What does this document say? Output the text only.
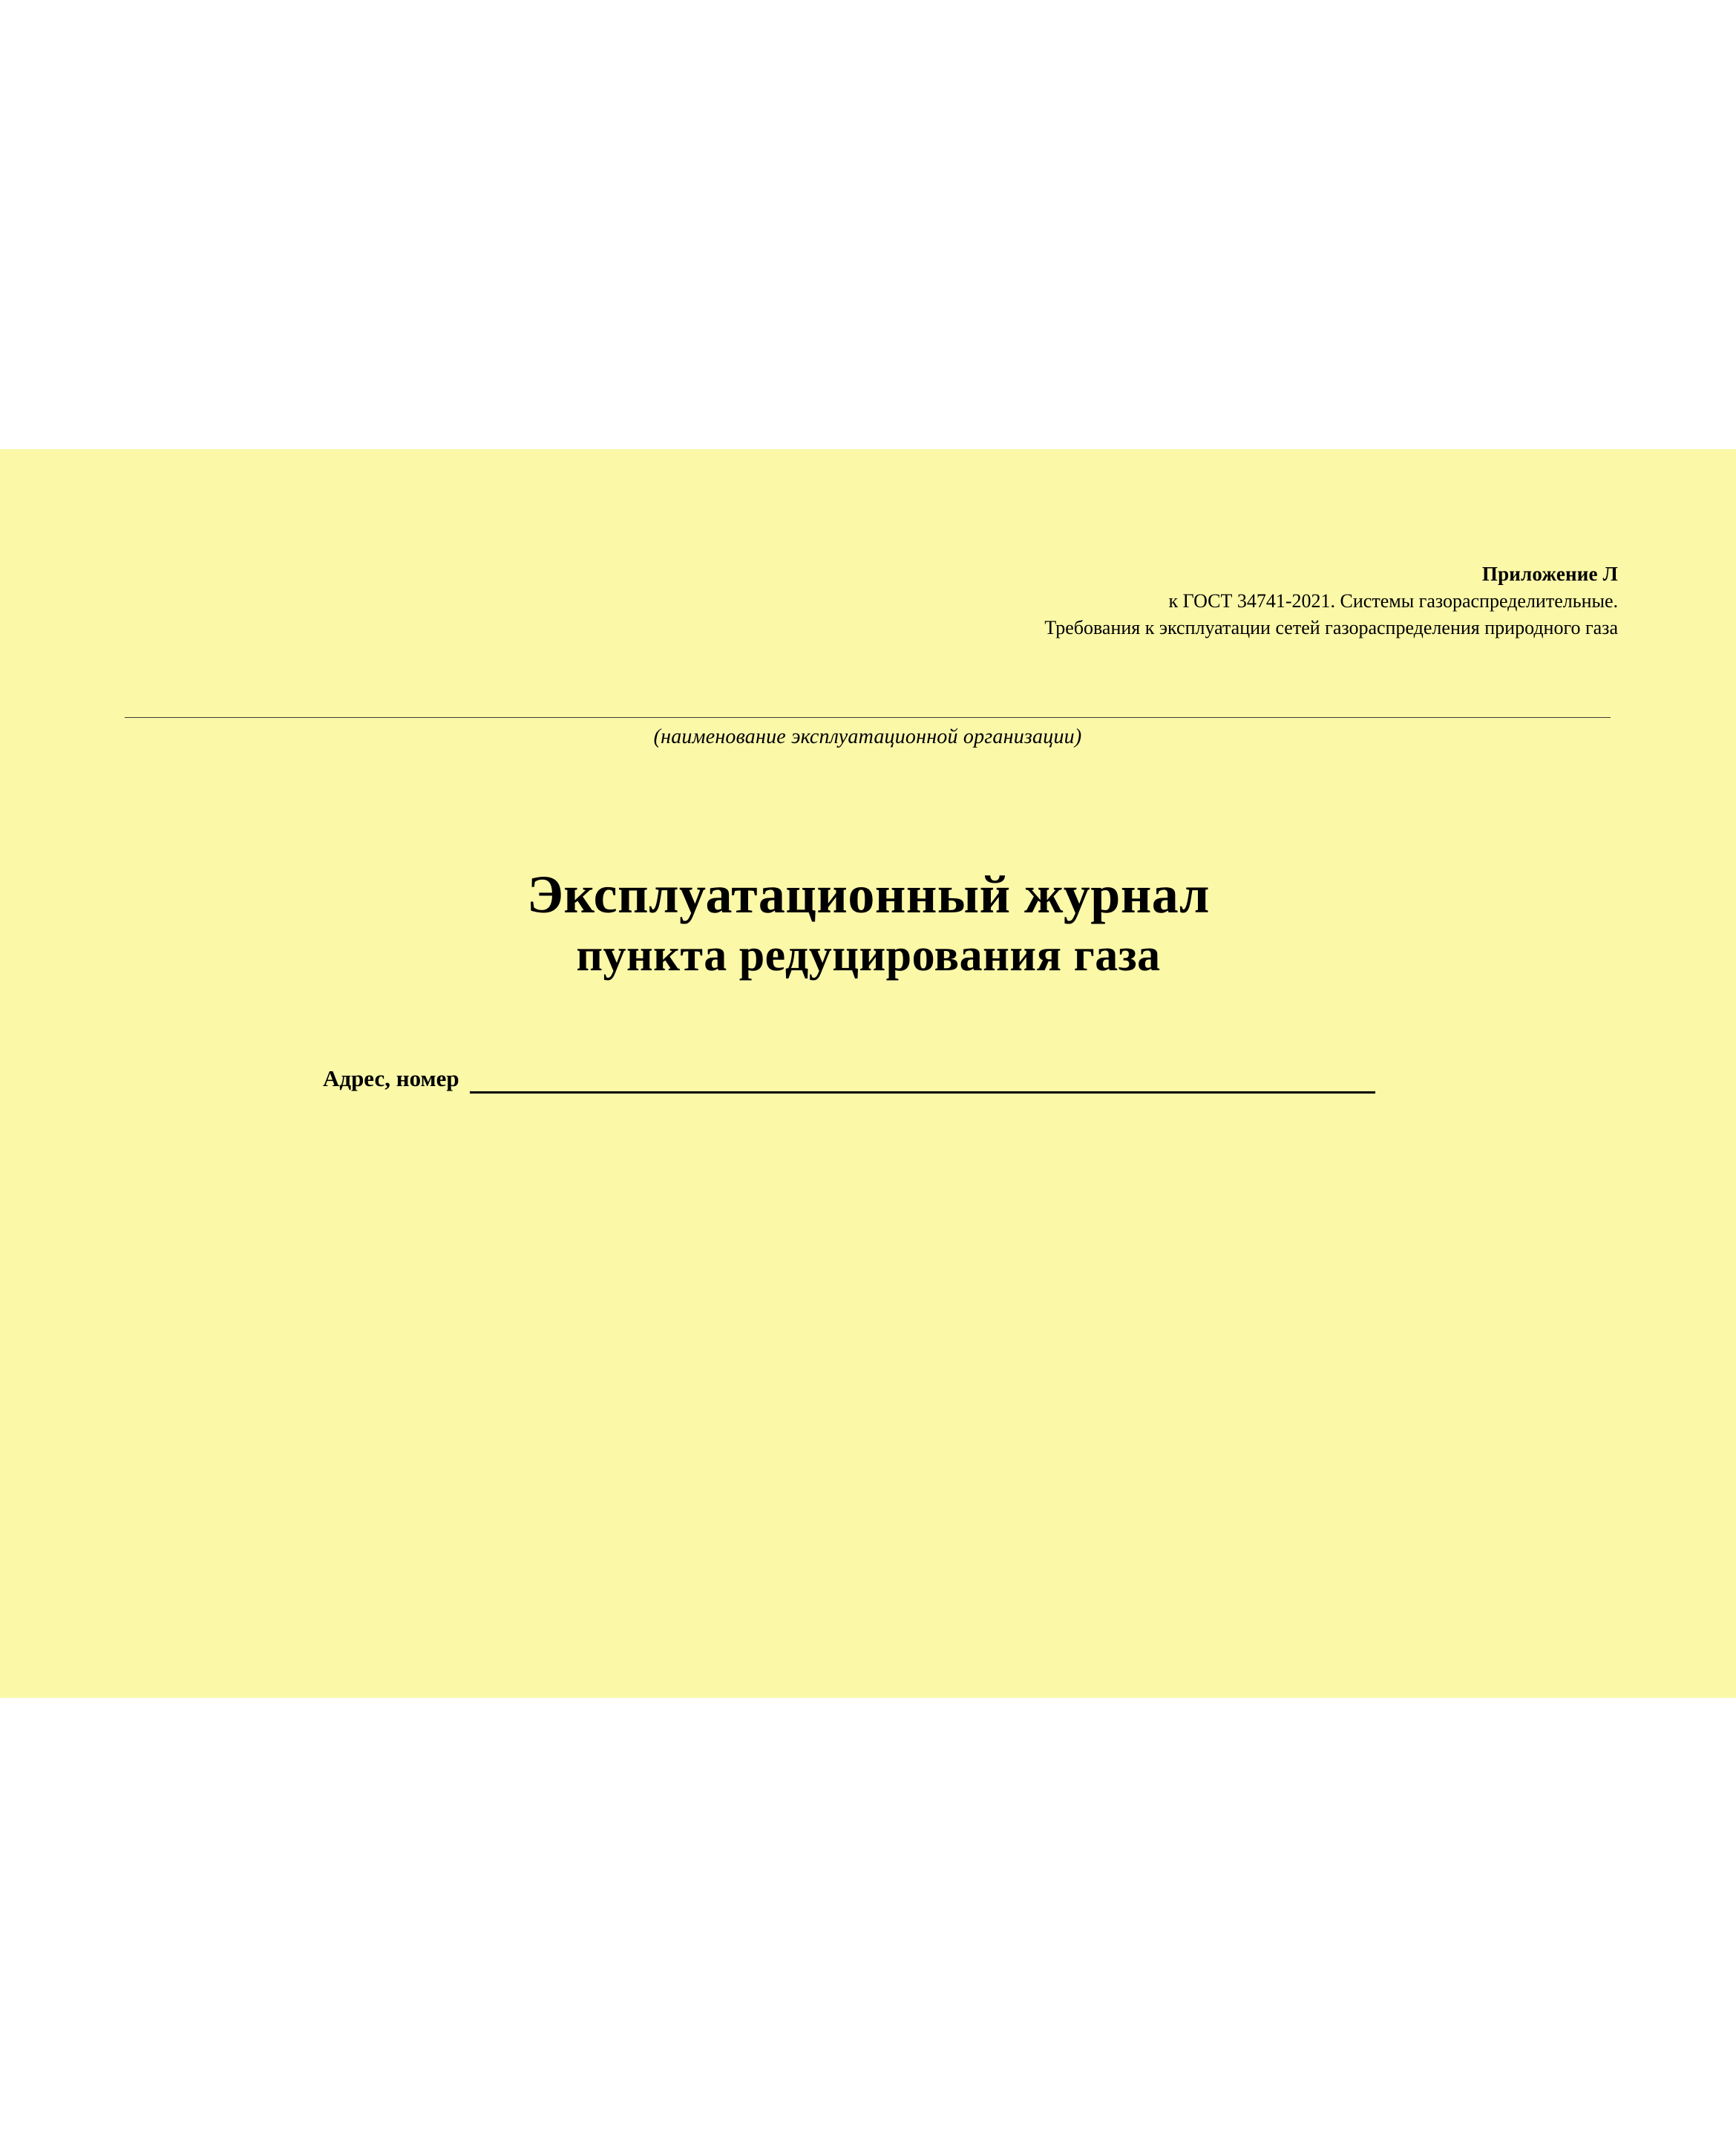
Приложение Л
к ГОСТ 34741-2021. Системы газораспределительные.
Требования к эксплуатации сетей газораспределения природного газа
(наименование эксплуатационной организации)
Эксплуатационный журнал
пункта редуцирования газа
Адрес, номер
